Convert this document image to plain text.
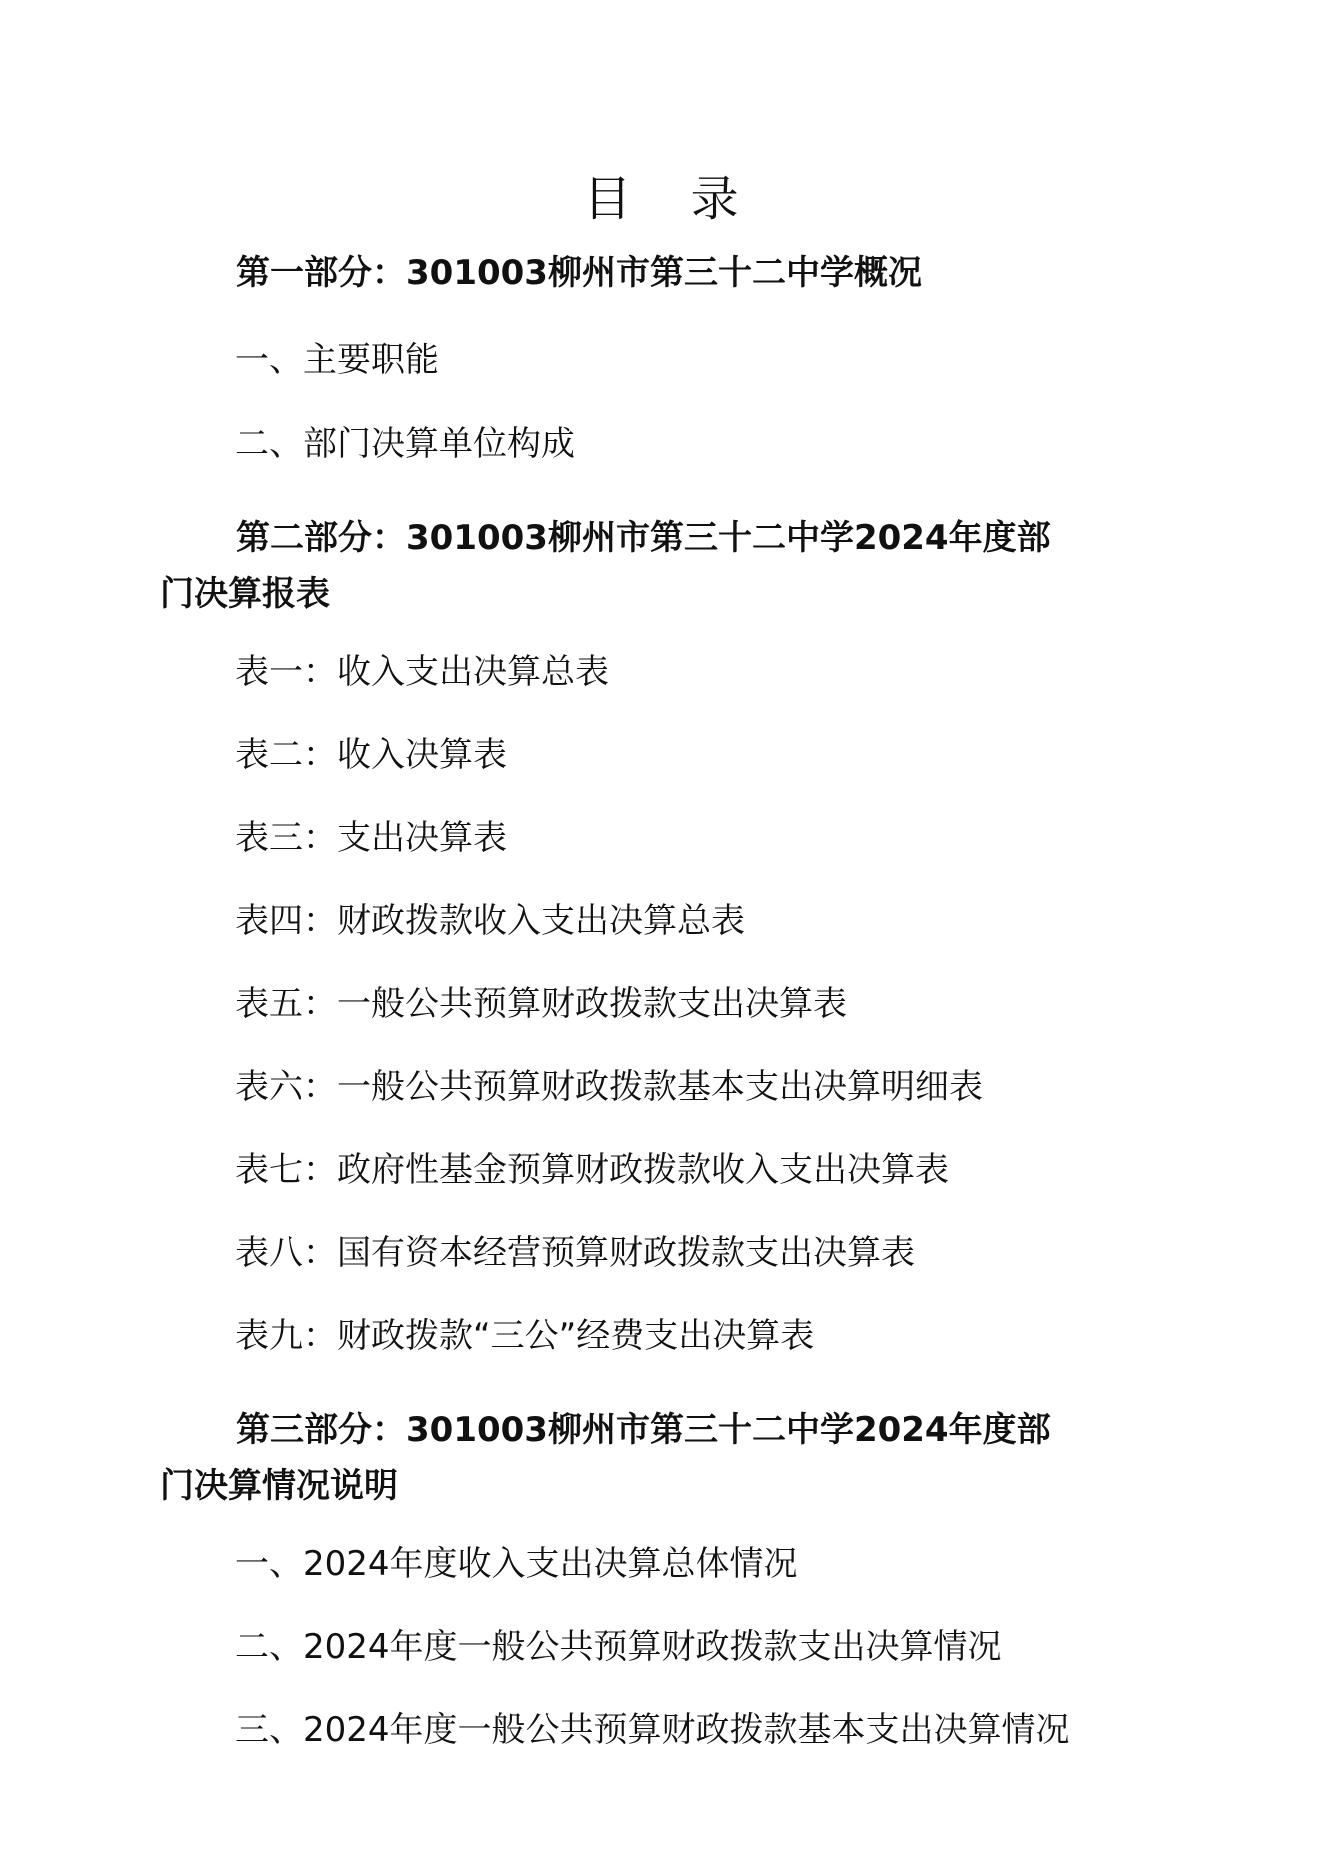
目 录

第一部分：301003柳州市第三十二中学概况

一、主要职能

二、部门决算单位构成

第二部分：301003柳州市第三十二中学2024年度部门决算报表

表一：收入支出决算总表

表二：收入决算表

表三：支出决算表

表四：财政拨款收入支出决算总表

表五：一般公共预算财政拨款支出决算表

表六：一般公共预算财政拨款基本支出决算明细表

表七：政府性基金预算财政拨款收入支出决算表

表八：国有资本经营预算财政拨款支出决算表

表九：财政拨款“三公”经费支出决算表

第三部分：301003柳州市第三十二中学2024年度部门决算情况说明

一、2024年度收入支出决算总体情况

二、2024年度一般公共预算财政拨款支出决算情况

三、2024年度一般公共预算财政拨款基本支出决算情况
